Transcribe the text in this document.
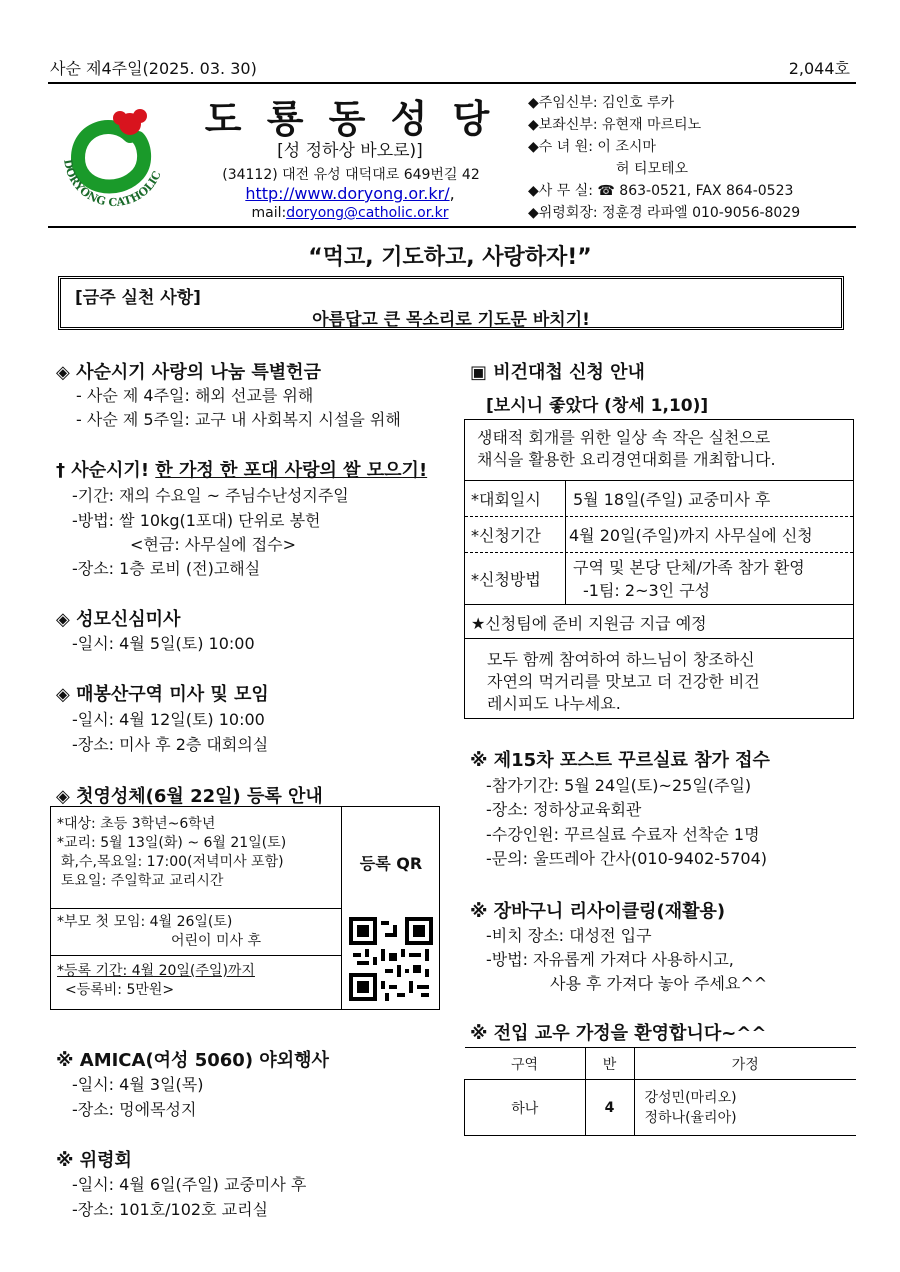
사순 제4주일(2025. 03. 30)	2,044호
DORYONG CATHOLIC
도 룡 동 성 당
[성 정하상 바오로)]
(34112) 대전 유성 대덕대로 649번길 42
http://www.doryong.or.kr/,
mail:doryong@catholic.or.kr
◆주임신부: 김인호 루카
◆보좌신부: 유현재 마르티노
◆수 녀 원: 이 조시마
허 티모테오
◆사 무 실: ☎ 863-0521, FAX 864-0523
◆위령회장: 정훈경 라파엘 010-9056-8029
“먹고, 기도하고, 사랑하자!”
[금주 실천 사항]
아름답고 큰 목소리로 기도문 바치기!
◈ 사순시기 사랑의 나눔 특별헌금
- 사순 제 4주일: 해외 선교를 위해
- 사순 제 5주일: 교구 내 사회복지 시설을 위해
† 사순시기! 한 가정 한 포대 사랑의 쌀 모으기!
-기간: 재의 수요일 ~ 주님수난성지주일
-방법: 쌀 10kg(1포대) 단위로 봉헌
<현금: 사무실에 접수>
-장소: 1층 로비 (전)고해실
◈ 성모신심미사
-일시: 4월 5일(토) 10:00
◈ 매봉산구역 미사 및 모임
-일시: 4월 12일(토) 10:00
-장소: 미사 후 2층 대회의실
◈ 첫영성체(6월 22일) 등록 안내
*대상: 초등 3학년~6학년
*교리: 5월 13일(화) ~ 6월 21일(토)
화,수,목요일: 17:00(저녁미사 포함)
토요일: 주일학교 교리시간
*부모 첫 모임: 4월 26일(토)
어린이 미사 후
*등록 기간: 4월 20일(주일)까지
<등록비: 5만원>
등록 QR
※ AMICA(여성 5060) 야외행사
-일시: 4월 3일(목)
-장소: 멍에목성지
※ 위령회
-일시: 4월 6일(주일) 교중미사 후
-장소: 101호/102호 교리실
▣ 비건대첩 신청 안내
[보시니 좋았다 (창세 1,10)]
생태적 회개를 위한 일상 속 작은 실천으로
채식을 활용한 요리경연대회를 개최합니다.
*대회일시 5월 18일(주일) 교중미사 후
*신청기간 4월 20일(주일)까지 사무실에 신청
*신청방법
구역 및 본당 단체/가족 참가 환영
-1팀: 2~3인 구성
★신청팀에 준비 지원금 지급 예정
모두 함께 참여하여 하느님이 창조하신
자연의 먹거리를 맛보고 더 건강한 비건
레시피도 나누세요.
※ 제15차 포스트 꾸르실료 참가 접수
-참가기간: 5월 24일(토)~25일(주일)
-장소: 정하상교육회관
-수강인원: 꾸르실료 수료자 선착순 1명
-문의: 울뜨레아 간사(010-9402-5704)
※ 장바구니 리사이클링(재활용)
-비치 장소: 대성전 입구
-방법: 자유롭게 가져다 사용하시고,
사용 후 가져다 놓아 주세요^^
※ 전입 교우 가정을 환영합니다~^^
구역	반	가정
하나	4	강성민(마리오)
정하나(율리아)
